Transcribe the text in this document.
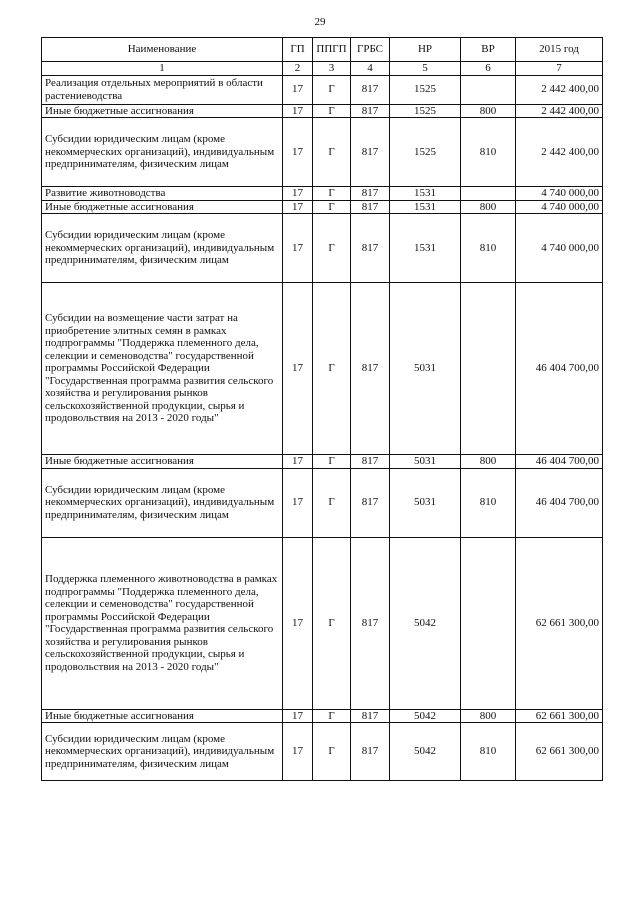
29
Наименование	ГП	ППГП	ГРБС	НР	ВР	2015 год
1	2	3	4	5	6	7
Реализация отдельных мероприятий в области растениеводства	17	Г	817	1525		2 442 400,00
Иные бюджетные ассигнования	17	Г	817	1525	800	2 442 400,00
Субсидии юридическим лицам (кроме некоммерческих организаций), индивидуальным предпринимателям, физическим лицам	17	Г	817	1525	810	2 442 400,00
Развитие животноводства	17	Г	817	1531		4 740 000,00
Иные бюджетные ассигнования	17	Г	817	1531	800	4 740 000,00
Субсидии юридическим лицам (кроме некоммерческих организаций), индивидуальным предпринимателям, физическим лицам	17	Г	817	1531	810	4 740 000,00
Субсидии на возмещение части затрат на приобретение элитных семян в рамках подпрограммы "Поддержка племенного дела, селекции и семеноводства" государственной программы Российской Федерации "Государственная программа развития сельского хозяйства и регулирования рынков сельскохозяйственной продукции, сырья и продовольствия на 2013 - 2020 годы"	17	Г	817	5031		46 404 700,00
Иные бюджетные ассигнования	17	Г	817	5031	800	46 404 700,00
Субсидии юридическим лицам (кроме некоммерческих организаций), индивидуальным предпринимателям, физическим лицам	17	Г	817	5031	810	46 404 700,00
Поддержка племенного животноводства в рамках подпрограммы "Поддержка племенного дела, селекции и семеноводства" государственной программы Российской Федерации "Государственная программа развития сельского хозяйства и регулирования рынков сельскохозяйственной продукции, сырья и продовольствия на 2013 - 2020 годы"	17	Г	817	5042		62 661 300,00
Иные бюджетные ассигнования	17	Г	817	5042	800	62 661 300,00
Субсидии юридическим лицам (кроме некоммерческих организаций), индивидуальным предпринимателям, физическим лицам	17	Г	817	5042	810	62 661 300,00
